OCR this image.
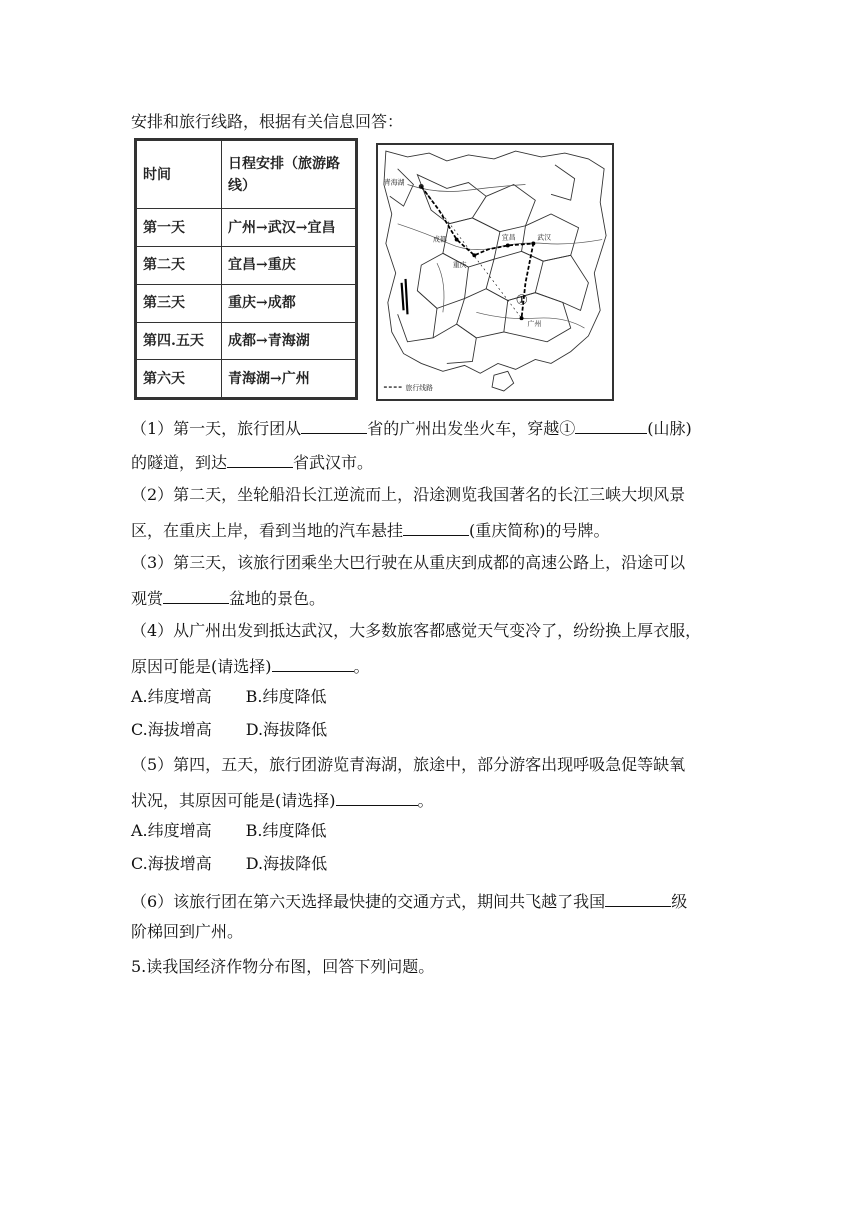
安排和旅行线路，根据有关信息回答：
时间	日程安排（旅游路线）
第一天	广州→武汉→宜昌
第二天	宜昌→重庆
第三天	重庆→成都
第四.五天	成都→青海湖
第六天	青海湖→广州
青海湖
成都
重庆
宜昌	武汉
广州
①
旅行线路
（1）第一天，旅行团从	省的广州出发坐火车，穿越①	(山脉)
的隧道，到达	省武汉市。
（2）第二天，坐轮船沿长江逆流而上，沿途测览我国著名的长江三峡大坝风景
区，在重庆上岸，看到当地的汽车悬挂	(重庆简称)的号牌。
（3）第三天，该旅行团乘坐大巴行驶在从重庆到成都的高速公路上，沿途可以
观赏	盆地的景色。
（4）从广州出发到抵达武汉，大多数旅客都感觉天气变冷了，纷纷换上厚衣服，
原因可能是(请选择)	。
A.纬度增高 B.纬度降低
C.海拔增高 D.海拔降低
（5）第四，五天，旅行团游览青海湖，旅途中，部分游客出现呼吸急促等缺氧
状况，其原因可能是(请选择)	。
A.纬度增高 B.纬度降低
C.海拔增高 D.海拔降低
（6）该旅行团在第六天选择最快捷的交通方式，期间共飞越了我国	级
阶梯回到广州。
5.读我国经济作物分布图，回答下列问题。
